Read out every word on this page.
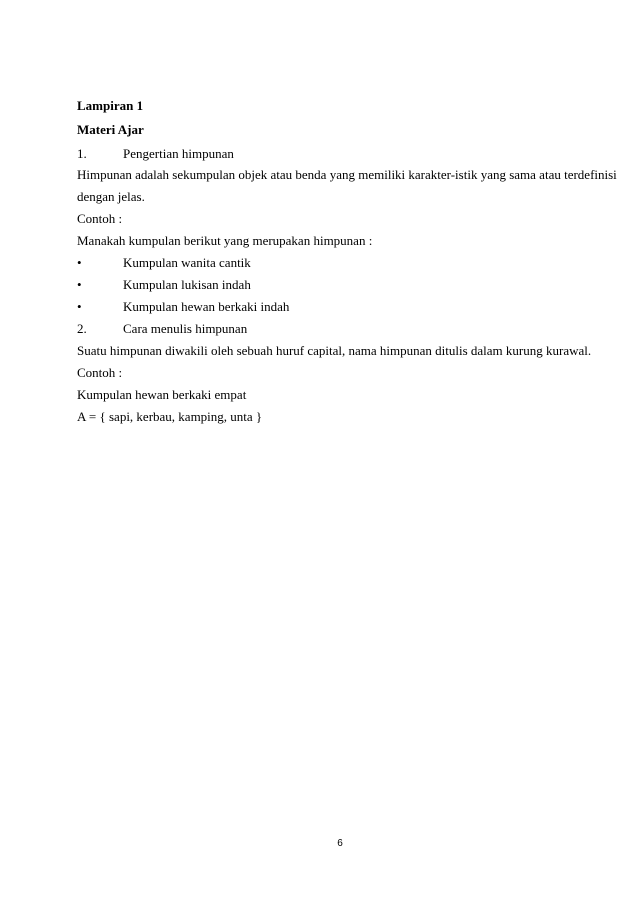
Lampiran 1
Materi Ajar
1.	Pengertian himpunan
Himpunan adalah sekumpulan objek atau benda yang memiliki karakter-istik yang sama atau terdefinisi
dengan jelas.
Contoh :
Manakah kumpulan berikut yang merupakan himpunan :
•	Kumpulan wanita cantik
•	Kumpulan lukisan indah
•	Kumpulan hewan berkaki indah
2.	Cara menulis himpunan
Suatu himpunan diwakili oleh sebuah huruf capital, nama himpunan ditulis dalam kurung kurawal.
Contoh :
Kumpulan hewan berkaki empat
A = { sapi, kerbau, kamping, unta }
6
